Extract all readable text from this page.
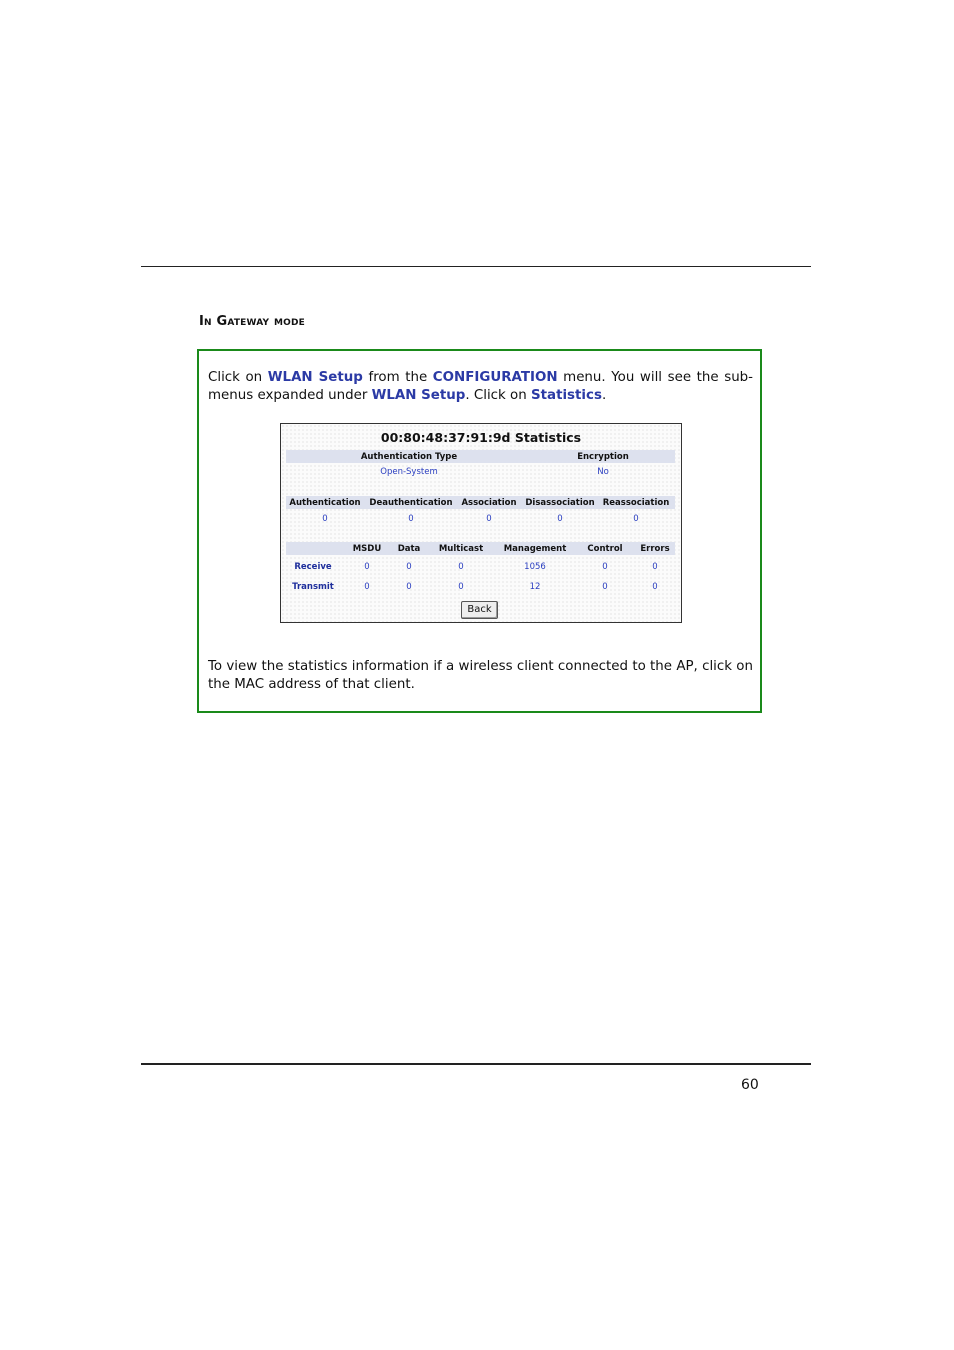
In Gateway mode
Click on WLAN Setup from the CONFIGURATION menu. You will see the sub-menus expanded under WLAN Setup. Click on Statistics.
00:80:48:37:91:9d Statistics
Authentication Type	Encryption
Open-System	No
Authentication Deauthentication Association Disassociation Reassociation
0	0	0	0	0
MSDU Data Multicast Management Control Errors
Receive	0	0	0	1056	0	0
Transmit	0	0	0	12	0	0
Back
To view the statistics information if a wireless client connected to the AP, click on the MAC address of that client.
60
